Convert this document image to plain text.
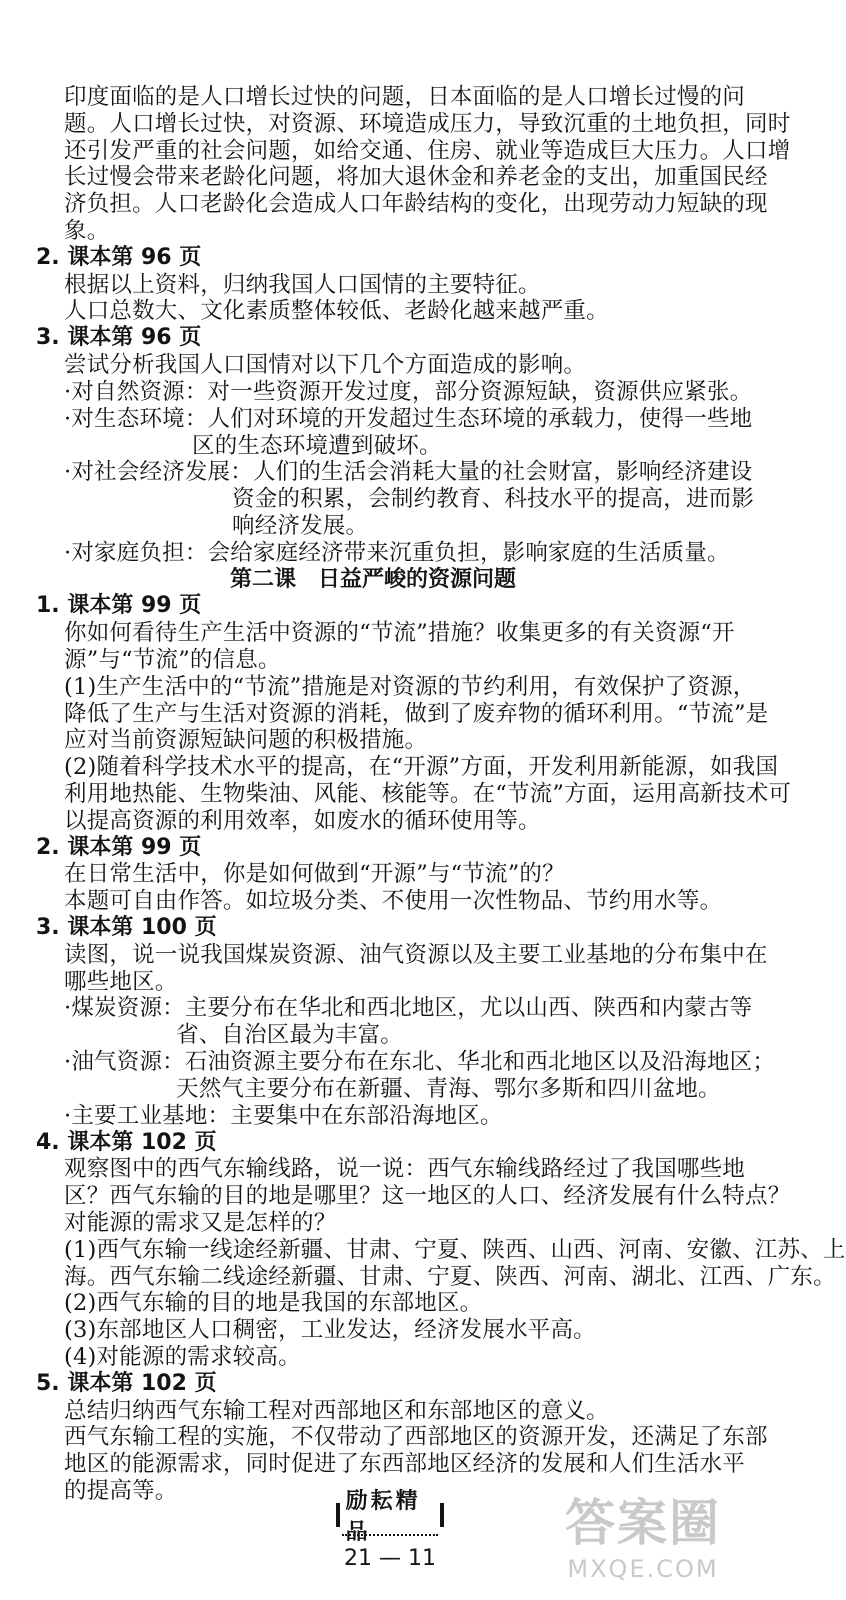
印度面临的是人口增长过快的问题，日本面临的是人口增长过慢的问
题。人口增长过快，对资源、环境造成压力，导致沉重的土地负担，同时
还引发严重的社会问题，如给交通、住房、就业等造成巨大压力。人口增
长过慢会带来老龄化问题，将加大退休金和养老金的支出，加重国民经
济负担。人口老龄化会造成人口年龄结构的变化，出现劳动力短缺的现
象。
2. 课本第 96 页
根据以上资料，归纳我国人口国情的主要特征。
人口总数大、文化素质整体较低、老龄化越来越严重。
3. 课本第 96 页
尝试分析我国人口国情对以下几个方面造成的影响。
·对自然资源：对一些资源开发过度，部分资源短缺，资源供应紧张。
·对生态环境：人们对环境的开发超过生态环境的承载力，使得一些地
区的生态环境遭到破坏。
·对社会经济发展：人们的生活会消耗大量的社会财富，影响经济建设
资金的积累，会制约教育、科技水平的提高，进而影
响经济发展。
·对家庭负担：会给家庭经济带来沉重负担，影响家庭的生活质量。
第二课　日益严峻的资源问题
1. 课本第 99 页
你如何看待生产生活中资源的“节流”措施？收集更多的有关资源“开
源”与“节流”的信息。
(1)生产生活中的“节流”措施是对资源的节约利用，有效保护了资源，
降低了生产与生活对资源的消耗，做到了废弃物的循环利用。“节流”是
应对当前资源短缺问题的积极措施。
(2)随着科学技术水平的提高，在“开源”方面，开发利用新能源，如我国
利用地热能、生物柴油、风能、核能等。在“节流”方面，运用高新技术可
以提高资源的利用效率，如废水的循环使用等。
2. 课本第 99 页
在日常生活中，你是如何做到“开源”与“节流”的？
本题可自由作答。如垃圾分类、不使用一次性物品、节约用水等。
3. 课本第 100 页
读图，说一说我国煤炭资源、油气资源以及主要工业基地的分布集中在
哪些地区。
·煤炭资源：主要分布在华北和西北地区，尤以山西、陕西和内蒙古等
省、自治区最为丰富。
·油气资源：石油资源主要分布在东北、华北和西北地区以及沿海地区；
天然气主要分布在新疆、青海、鄂尔多斯和四川盆地。
·主要工业基地：主要集中在东部沿海地区。
4. 课本第 102 页
观察图中的西气东输线路，说一说：西气东输线路经过了我国哪些地
区？西气东输的目的地是哪里？这一地区的人口、经济发展有什么特点？
对能源的需求又是怎样的？
(1)西气东输一线途经新疆、甘肃、宁夏、陕西、山西、河南、安徽、江苏、上
海。西气东输二线途经新疆、甘肃、宁夏、陕西、河南、湖北、江西、广东。
(2)西气东输的目的地是我国的东部地区。
(3)东部地区人口稠密，工业发达，经济发展水平高。
(4)对能源的需求较高。
5. 课本第 102 页
总结归纳西气东输工程对西部地区和东部地区的意义。
西气东输工程的实施，不仅带动了西部地区的资源开发，还满足了东部
地区的能源需求，同时促进了东西部地区经济的发展和人们生活水平
的提高等。	励耘精品
21 — 11
答案圈
MXQE.COM
